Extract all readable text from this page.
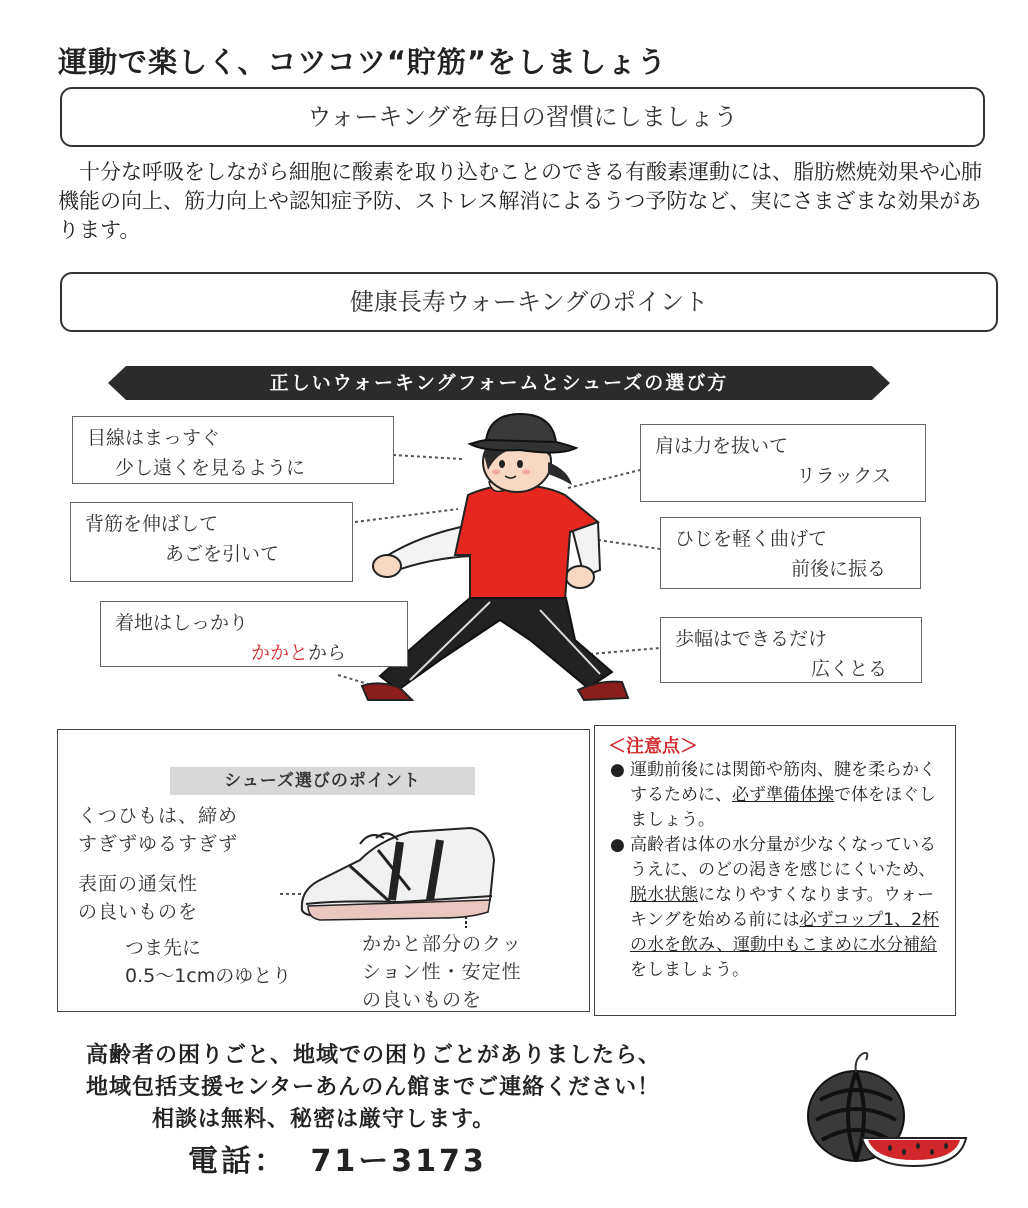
運動で楽しく、コツコツ“貯筋”をしましょう
ウォーキングを毎日の習慣にしましょう
　十分な呼吸をしながら細胞に酸素を取り込むことのできる有酸素運動には、脂肪燃焼効果や心肺機能の向上、筋力向上や認知症予防、ストレス解消によるうつ予防など、実にさまざまな効果があります。
健康長寿ウォーキングのポイント
正しいウォーキングフォームとシューズの選び方
目線はまっすぐ
少し遠くを見るように
背筋を伸ばして
あごを引いて
着地はしっかり
かかとから
肩は力を抜いて
リラックス
ひじを軽く曲げて
前後に振る
歩幅はできるだけ
広くとる
シューズ選びのポイント
くつひもは、締め
すぎずゆるすぎず
表面の通気性
の良いものを
つま先に
0.5～1cmのゆとり
かかと部分のクッ
ション性・安定性
の良いものを
＜注意点＞
● 運動前後には関節や筋肉、腱を柔らかくするために、必ず準備体操で体をほぐしましょう。
● 高齢者は体の水分量が少なくなっているうえに、のどの渇きを感じにくいため、脱水状態になりやすくなります。ウォーキングを始める前には必ずコップ1、2杯の水を飲み、運動中もこまめに水分補給をしましょう。
高齢者の困りごと、地域での困りごとがありましたら、
地域包括支援センターあんのん館までご連絡ください！
相談は無料、秘密は厳守します。
電話： 71ー3173
